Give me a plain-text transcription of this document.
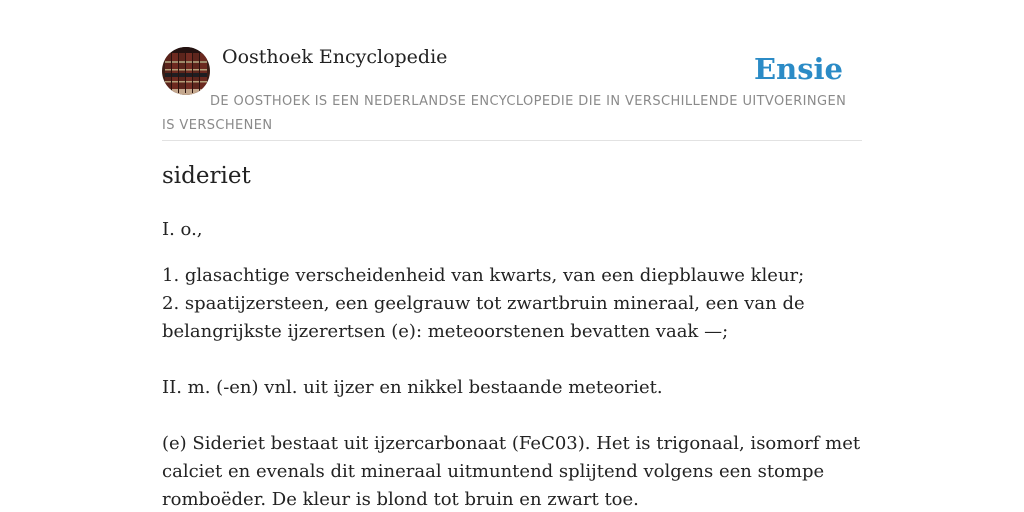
Oosthoek Encyclopedie	Ensie
DE OOSTHOEK IS EEN NEDERLANDSE ENCYCLOPEDIE DIE IN VERSCHILLENDE UITVOERINGEN IS VERSCHENEN
sideriet

I. o.,

1. glasachtige verscheidenheid van kwarts, van een diepblauwe kleur;

2. spaatijzersteen, een geelgrauw tot zwartbruin mineraal, een van de

belangrijkste ijzerertsen (e): meteoorstenen bevatten vaak —;

II. m. (-en) vnl. uit ijzer en nikkel bestaande meteoriet.

(e) Sideriet bestaat uit ijzercarbonaat (FeC03). Het is trigonaal, isomorf met

calciet en evenals dit mineraal uitmuntend splijtend volgens een stompe

romboëder. De kleur is blond tot bruin en zwart toe.
